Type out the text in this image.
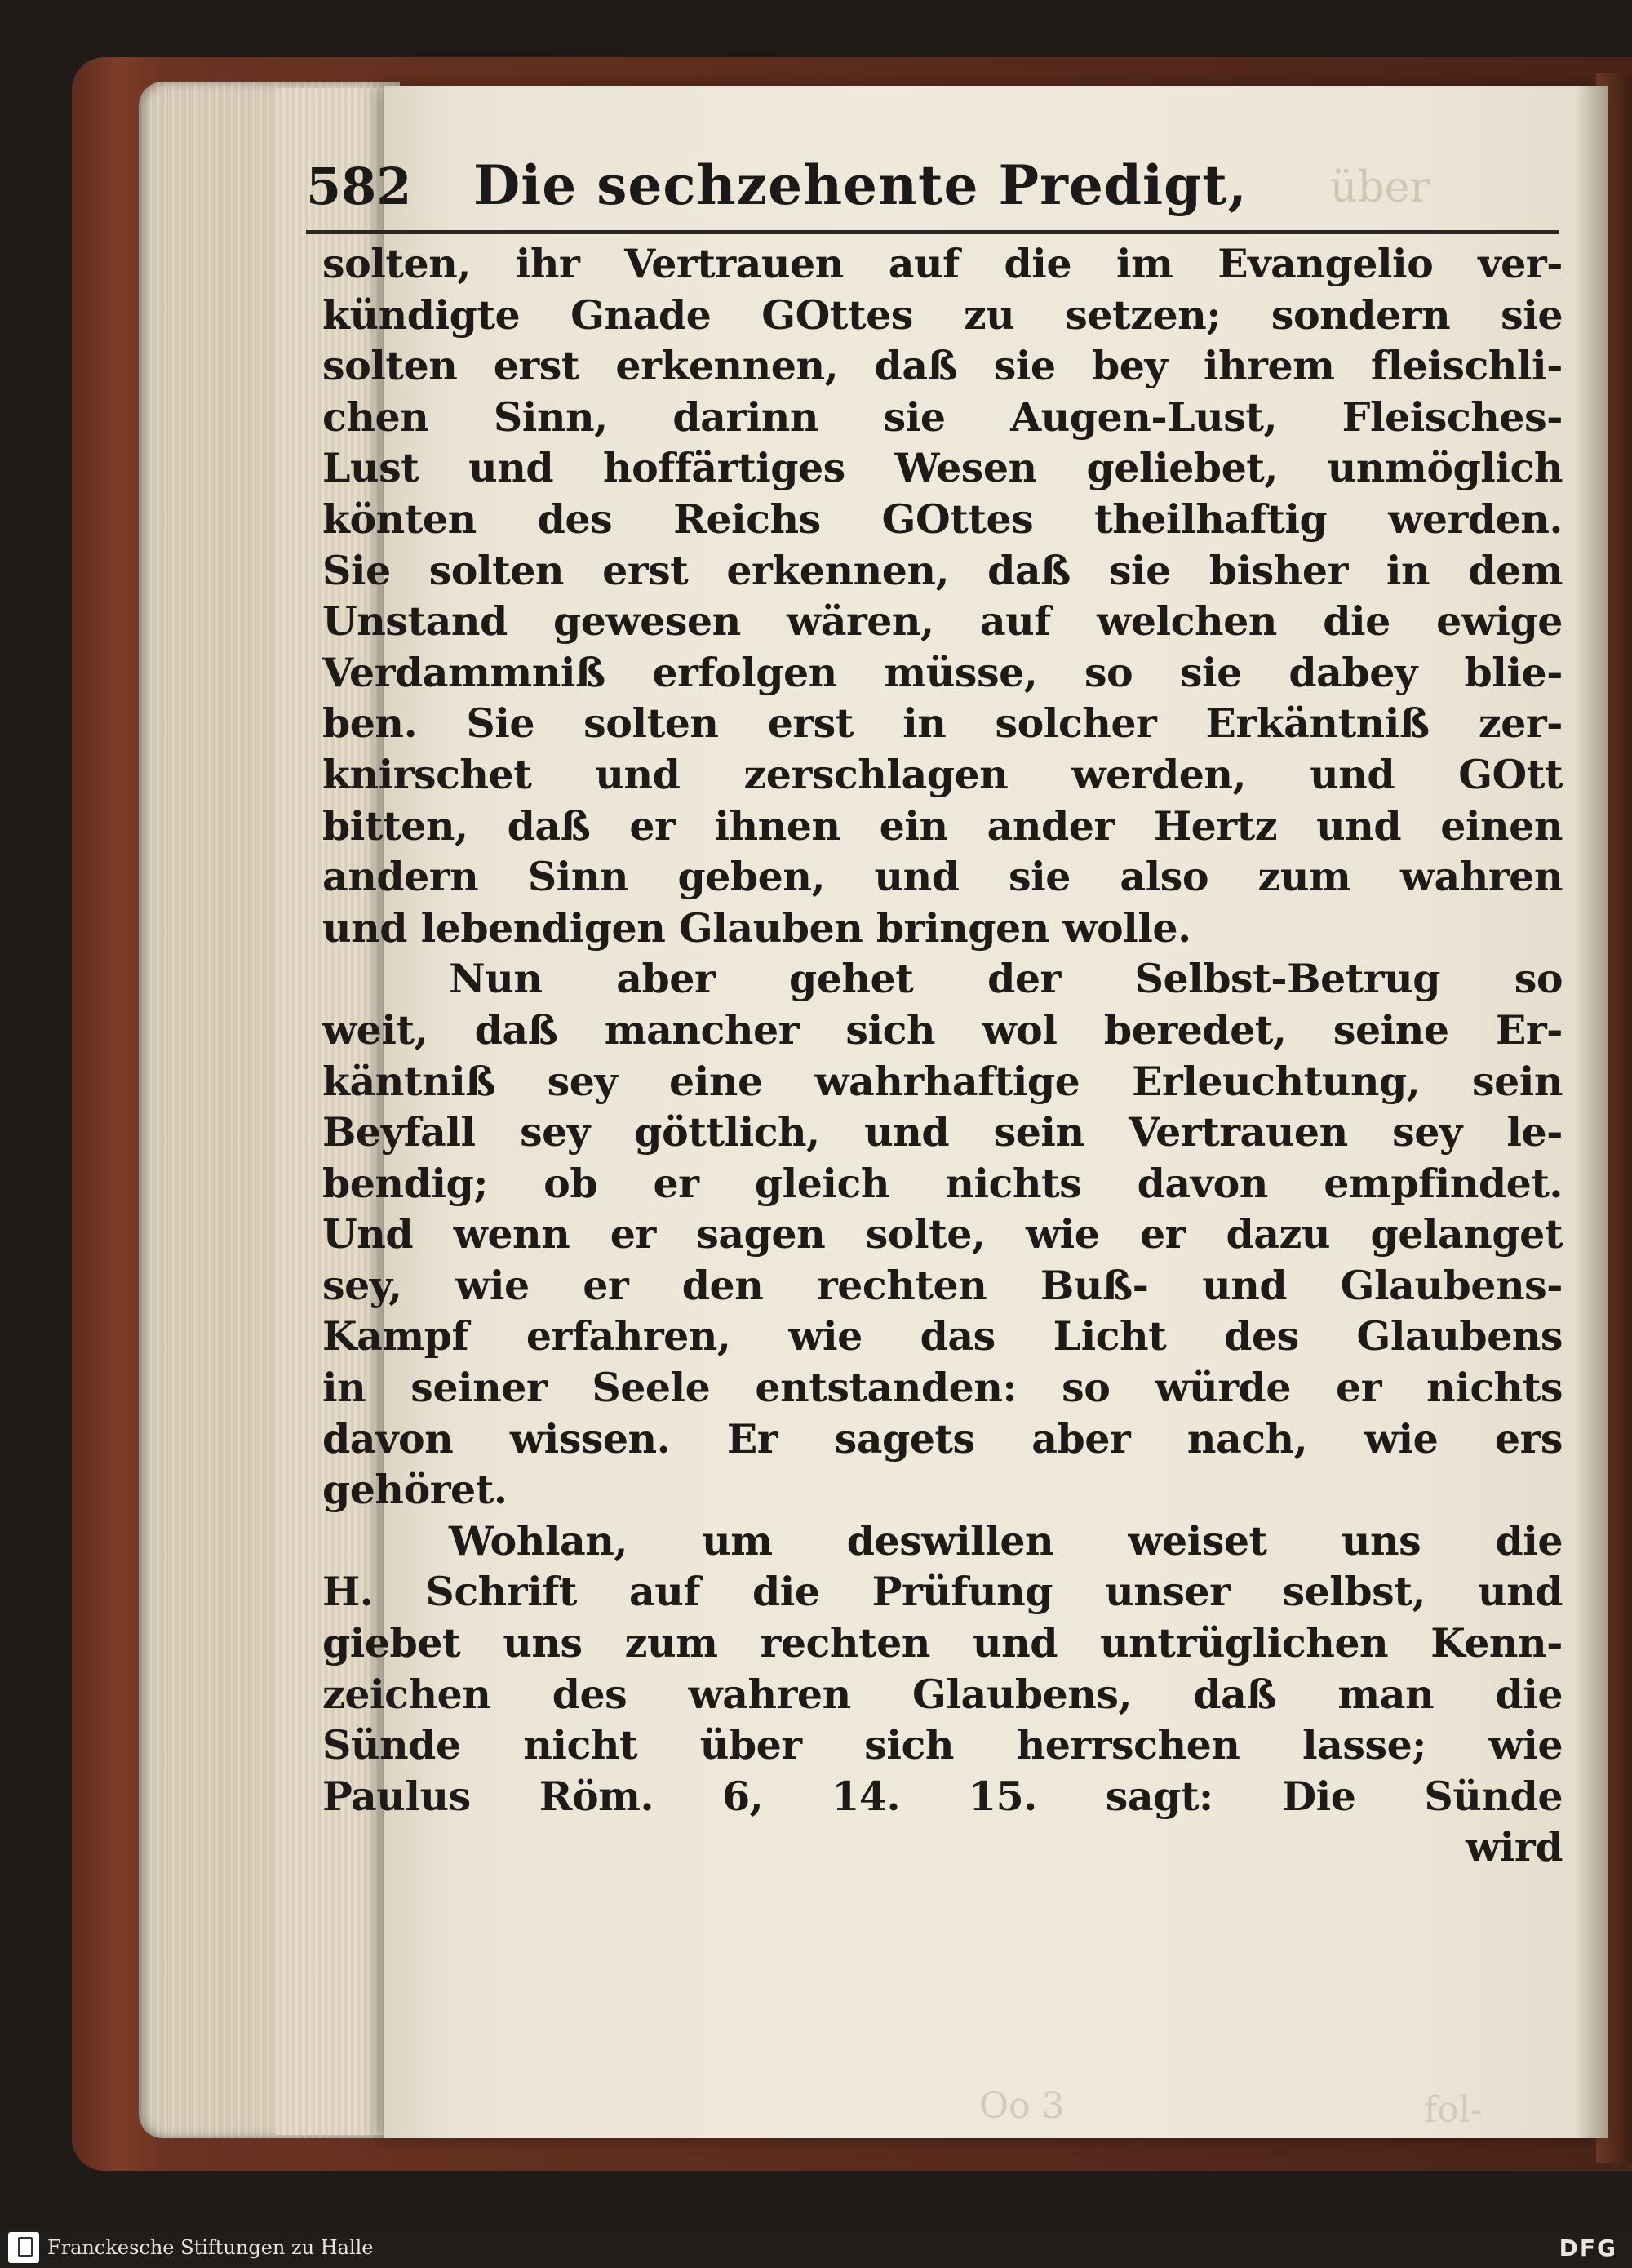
582 Die sechzehente Predigt, über
solten, ihr Vertrauen auf die im Evangelio ver-
kündigte Gnade GOttes zu setzen; sondern sie
solten erst erkennen, daß sie bey ihrem fleischli-
chen Sinn, darinn sie Augen-Lust, Fleisches-
Lust und hoffärtiges Wesen geliebet, unmöglich
könten des Reichs GOttes theilhaftig werden.
Sie solten erst erkennen, daß sie bisher in dem
Unstand gewesen wären, auf welchen die ewige
Verdammniß erfolgen müsse, so sie dabey blie-
ben. Sie solten erst in solcher Erkäntniß zer-
knirschet und zerschlagen werden, und GOtt
bitten, daß er ihnen ein ander Hertz und einen
andern Sinn geben, und sie also zum wahren
und lebendigen Glauben bringen wolle.
Nun aber gehet der Selbst-Betrug so
weit, daß mancher sich wol beredet, seine Er-
käntniß sey eine wahrhaftige Erleuchtung, sein
Beyfall sey göttlich, und sein Vertrauen sey le-
bendig; ob er gleich nichts davon empfindet.
Und wenn er sagen solte, wie er dazu gelanget
sey, wie er den rechten Buß- und Glaubens-
Kampf erfahren, wie das Licht des Glaubens
in seiner Seele entstanden: so würde er nichts
davon wissen. Er sagets aber nach, wie ers
gehöret.
Wohlan, um deswillen weiset uns die
H. Schrift auf die Prüfung unser selbst, und
giebet uns zum rechten und untrüglichen Kenn-
zeichen des wahren Glaubens, daß man die
Sünde nicht über sich herrschen lasse; wie
Paulus Röm. 6, 14. 15. sagt: Die Sünde
wird
Oo 3	fol-
Franckesche Stiftungen zu Halle	DFG
